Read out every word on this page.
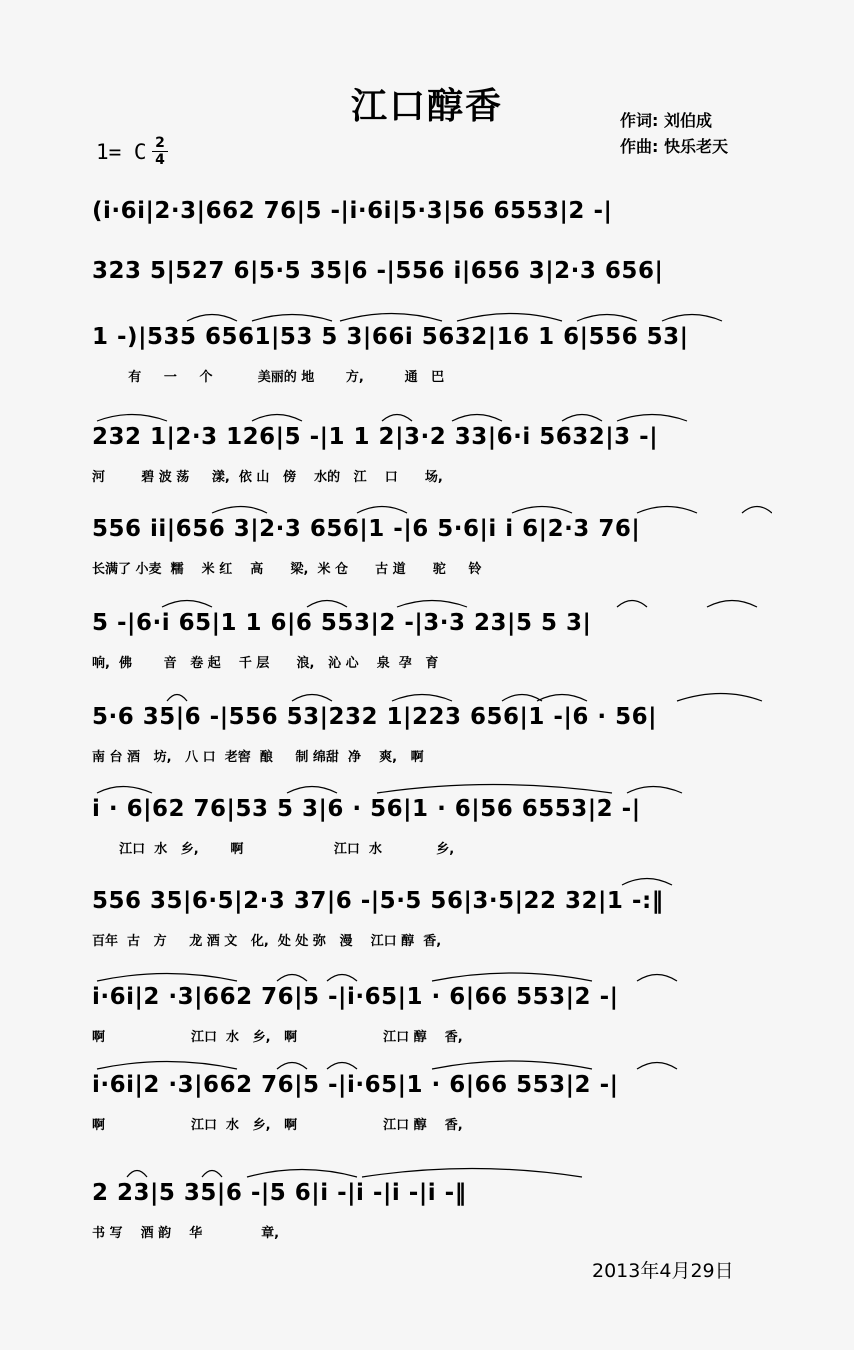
江口醇香	作词: 刘伯成
作曲: 快乐老天
1= C 2
4
(i·6i|2·3|662 76|5 -|i·6i|5·3|56 6553|2 -|
323 5|527 6|5·5 35|6 -|556 i|656 3|2·3 656|
1 -)|535 6561|53 5 3|66i 5632|16 1 6|556 53|
有     一     个          美丽的 地       方,         通   巴
232 1|2·3 126|5 -|1 1 2|3·2 33|6·i 5632|3 -|
河        碧 波 荡     漾,  依 山   傍    水的   江    口      场,
556 ii|656 3|2·3 656|1 -|6 5·6|i i 6|2·3 76|
长满了 小麦  糯    米 红    高      梁,  米 仓      古 道      驼     铃
5 -|6·i 65|1 1 6|6 553|2 -|3·3 23|5 5 3|
响,  佛       音   卷 起    千 层      浪,   沁 心    泉  孕   育
5·6 35|6 -|556 53|232 1|223 656|1 -|6 · 56|
南 台 酒   坊,   八 口  老窖  酿     制 绵甜  净    爽,   啊
i · 6|62 76|53 5 3|6 · 56|1 · 6|56 6553|2 -|
江口  水   乡,       啊                    江口  水            乡,
556 35|6·5|2·3 37|6 -|5·5 56|3·5|22 32|1 -:‖
百年  古   方     龙 酒 文   化,  处 处 弥   漫    江口 醇  香,
i·6i|2 ·3|662 76|5 -|i·65|1 · 6|66 553|2 -|
啊                   江口  水   乡,   啊                   江口 醇    香,
i·6i|2 ·3|662 76|5 -|i·65|1 · 6|66 553|2 -|
啊                   江口  水   乡,   啊                   江口 醇    香,
2 23|5 35|6 -|5 6|i -|i -|i -|i -‖
书 写    酒 韵    华             章,
2013年4月29日
